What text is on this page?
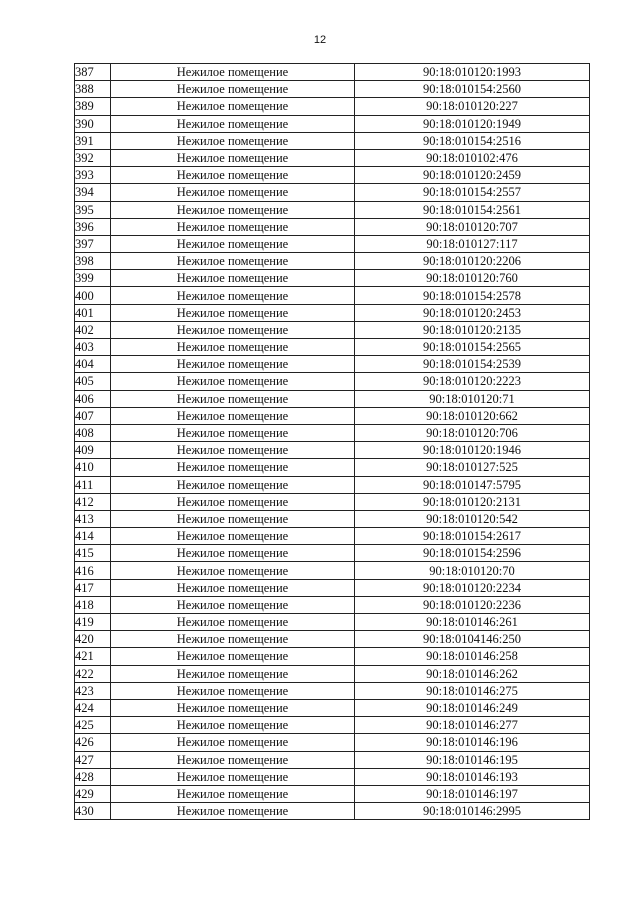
12
387	Нежилое помещение	90:18:010120:1993
388	Нежилое помещение	90:18:010154:2560
389	Нежилое помещение	90:18:010120:227
390	Нежилое помещение	90:18:010120:1949
391	Нежилое помещение	90:18:010154:2516
392	Нежилое помещение	90:18:010102:476
393	Нежилое помещение	90:18:010120:2459
394	Нежилое помещение	90:18:010154:2557
395	Нежилое помещение	90:18:010154:2561
396	Нежилое помещение	90:18:010120:707
397	Нежилое помещение	90:18:010127:117
398	Нежилое помещение	90:18:010120:2206
399	Нежилое помещение	90:18:010120:760
400	Нежилое помещение	90:18:010154:2578
401	Нежилое помещение	90:18:010120:2453
402	Нежилое помещение	90:18:010120:2135
403	Нежилое помещение	90:18:010154:2565
404	Нежилое помещение	90:18:010154:2539
405	Нежилое помещение	90:18:010120:2223
406	Нежилое помещение	90:18:010120:71
407	Нежилое помещение	90:18:010120:662
408	Нежилое помещение	90:18:010120:706
409	Нежилое помещение	90:18:010120:1946
410	Нежилое помещение	90:18:010127:525
411	Нежилое помещение	90:18:010147:5795
412	Нежилое помещение	90:18:010120:2131
413	Нежилое помещение	90:18:010120:542
414	Нежилое помещение	90:18:010154:2617
415	Нежилое помещение	90:18:010154:2596
416	Нежилое помещение	90:18:010120:70
417	Нежилое помещение	90:18:010120:2234
418	Нежилое помещение	90:18:010120:2236
419	Нежилое помещение	90:18:010146:261
420	Нежилое помещение	90:18:0104146:250
421	Нежилое помещение	90:18:010146:258
422	Нежилое помещение	90:18:010146:262
423	Нежилое помещение	90:18:010146:275
424	Нежилое помещение	90:18:010146:249
425	Нежилое помещение	90:18:010146:277
426	Нежилое помещение	90:18:010146:196
427	Нежилое помещение	90:18:010146:195
428	Нежилое помещение	90:18:010146:193
429	Нежилое помещение	90:18:010146:197
430	Нежилое помещение	90:18:010146:2995
